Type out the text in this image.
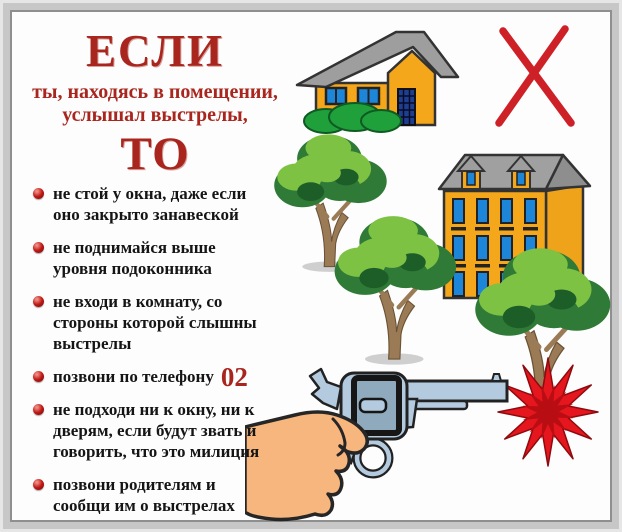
ЕСЛИ
ты, находясь в помещении,
услышал выстрелы,
ТО
не стой у окна, даже если оно закрыто занавеской
не поднимайся выше уровня подоконника
не входи в комнату, со стороны которой слышны выстрелы
позвони по телефону 02
не подходи ни к окну, ни к дверям, если будут звать и говорить, что это милиция
позвони родителям и сообщи им о выстрелах
